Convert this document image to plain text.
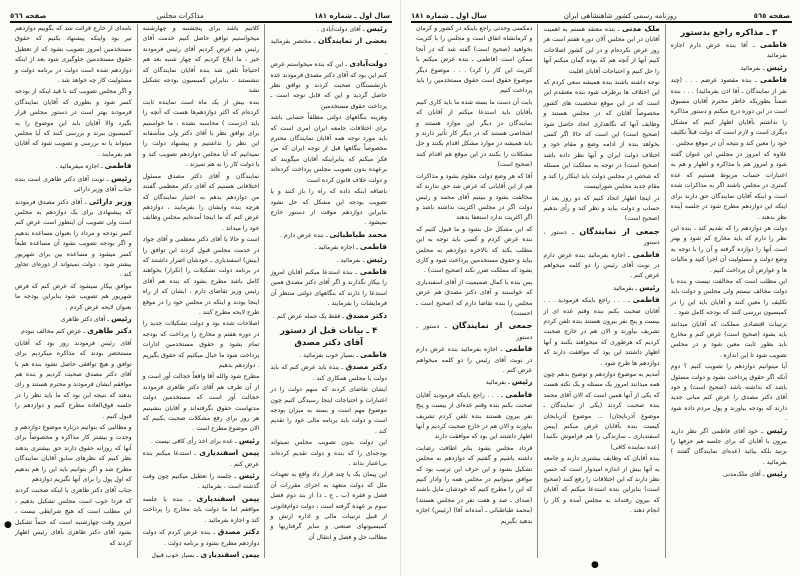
صفحه ٥٦٦	مذاکرات مجلس	سال اول ـ شماره ۱۸۱

رئیس ـ آقای دولت‌آبادی .

بعضی از نمایندگان ـ مختصر بفرمائید .

دولت‌آبادی ـ این که بنده میخواستم عرض کنم این بود که آقای دکتر مصدق فرمودند عده بازنشستگان صحبت کردند و توافق نظر حاصل گردید و این که قابل توجه است ـ پرداخت حقوق مستخدمین

وهزینه بنگاههای دولتی مطلقاً حسابی باشد برای اختلافات جامعه ایران امری است که باید مورد توجه همه آقایان نمایندگان محترم مخصوصاً بنگاهها قبل از توجه ایران که من فکر میکنم که بنابراینکه آقایان میگویند که برعهده بدون تصویب مجلس پرداخت کرده‌اند و دولت خلاف قانون کرده است

باضافه اینکه داده که راه را باز کنند و یا تصویب بودجه این مشکل که حل نشود بنابراین دوازدهم موقت از دستور خارج نمیشود .

محمد طباطبائی ـ بنده عرض دارم .

فاطمی ـ اجازه بفرمائید .

رئیس ـ بفرمائید .

فاطمی ـ بنده استدعا میکنم آقایان امروز را بیکار نگذارند و اگر آقای دکتر مصدق همین استدعا را دارند که بنگاههای دولتی منتظر آن فرمایشات را بفرمایند .

دکتر مصدق ـ فقط یک جمله عرض کنم .

۴ ـ بیانات قبل از دستور آقای دکتر مصدق

فاطمی ـ بسیار خوب بفرمائید .

دکتر مصدق ـ بنده باید عرض کنم که باید دولت با مجلس همکاری کند .

ایشان تقاضای کردند که سهم دولت را در اعتبارات و احتیاجات اینجا رسیدگی کنیم چون موضوع مهم است و بسته به میزان بودجه است و دولت باید برنامه مالی خود را تقدیم کند .

این دولت بدون تصویب مجلس نمیتواند بودجه‌ای را که بنده و دولت تقدیم کرده‌اند بی‌اعتبار بداند .

این پیمان یک یا چند قرار داد واقع به تعهدات ملل که دولت متعهد به اجرای مقررات آن فصل و فقره (ب ـ ج ـ د) از بند دوم فصل سوم بر عهده گرفته است ، دولت دوام‌قانونی از قبیل ترتیبات مالی و اداره ارتش و کمیسیونهای صنعتی و سایر گرفتاریها و مطالب حل و فصل و انتقال آن

کلاتیم باشد برای پنجشنبه و چهارشنبه میخواستیم توافق حاصل کنیم خدمت آقای رئیس هم عرض کردیم آقای رئیس فرمودند خیر ، ما ابلاغ کردیم که چهار شنبه بعد هم احتیاجاً تلفن شد بنده آقایان نمایندگان که ننشستند ، بنابراین کمیسیون بودجه تشکیل نشد

بنده بیش از یک ماه است نماینده ثابت کرده‌ام که اکثر دوازدهم‌ها هست که آنچه را باید (درست ) محاسبه نشده ، ما خواستیم برای توافق نظر با آقای دکتر ولی متأسفانه این نظر را نداشتیم و پیشنهاد دولت را نمیدانیم که آیا مجلس دوازدهم تصویب کند و یا دولت کار را به هم نمیزند .

نمایندگان و آقای دکتر مصدق مسئول اختلافاتی هستیم که آقای دکتر معظمی گفتند من دوازدهم بدهم به اختیار نمایندگان که هرچه بنده وایشان را بفرمایند ، دوازدهم عرض کنم که ما اینجا آمده‌ایم مجلس وظایف خود را میداند .

است و حالا با آقای دکتر معظمی و آقای جواد در خدمت مجلس قبول کردند این توافق را (بیش) اسفندیاری ـ خودشان اصرار داشتند که در برنامه دولت تشکیلات را (تکرار) بخواهند کامل باشد مطرح بشود که بنده هم آقای رئیس وزیر تقاضای دارم ، ایشان که از راه اینجا بودند و اینکه در مجلس خود را در موقع طرح لایحه مطرح کنند .

اصلاحات شده بود و دولت تشکیلات جدید را در دوره هفتم و مخارج را پرداخت که بودجه تمام بشود و حقوق مستخدمین ادارات پرداخت شود ما خیال میکنیم که حقوق بگیریم . دوازدهم بدهیم

مطرح شود والله آقا واقعاً خجالت آور است و از آن طرف هم آقای دکتر طاهری فرمودند خجالت آور است که مستخدمین دولت مدتهاست حقوق نگرفته‌اند و آقایان بنشینیم هر روز برای رفع مشکلات صحبت بکنیم که الان موضوع مطرح است .

رئیس ـ عده برای اخذ رأی کافی نیست .

پیمن اسفندیاری ـ استدعا میکنم بنده عرض کنم .

رئیس ـ جلسه را تعطیل میکنیم چون وقت گذشته است ، بفرمائید .

پیمن اسفندیاری ـ بنده با جلسه موافقم اما ما دولت باید مخارج را پرداخت کند و اجازه بفرمائید .

دکتر مصدق ـ بنده عرض کردم که دولت دوازدهم مطرح بشود و برنامه دولت .

پیمن اسفندیاری ـ بسیار خوب قبول

نامه‌ای از خارج قرائت شد که بگوییم دوازدهم تیر بود واینکه پیشنهاد بکنیم که حقوق مستخدمین امروز تصویب بشود که از تعطیل حقوق مستخدمین جلوگیری شود بعد از اینکه دوازدهم شده است دولت در برنامه دولت و مسئولیت کار چه خواهد شد .

و اگر مجلس تصویب کند با قید اینکه از بودجه کسر شود و بطوری که آقایان نمایندگان فرمودند بهتر است در دستور مجلس قرار بگیرد والا آقایان باید این موضوع را به کمیسیون ببرند و بررسی کنند که آیا مجلس میتواند یا نه بررسی و تصویب شود که آقایان هم بفرمایند .

فاطمی ـ اجازه میفرمائید .

رئیس ـ نوبت آقای دکتر طاهری است بنده جناب آقای وزیر دارائی

وزیر دارائی ـ آقای دکتر مصدق فرمودند که پیشنهادی برای یک دوازدهم به مجلس است ولی تصویب آن اینطور است عرض کنم کسر بودجه و مرداد را بعنوان مساعده بدهیم و اگر بودجه تصویب نشود آن مساعده طبعاً کسر میشود و مساعده بین برای شهریور بیشتر شود ، دولت نمیتواند از دوره‌ای تجاوز کند .

موافق بیکار نمیشود که عرض کنم که فرض شهریور هم تصویب شود بنابراین بودجه ما بعنوان لایحه عرض کردم .

رئیس ـ آقای دکتر طاهری

دکتر طاهری ـ عرض کنم مخالف نبودم

آقای رئیس فرمودند روز بود که آقایان مستحضر بودند که مذاکره میکردیم برای توافق و هیچ توافقی حاصل نشود بنده هم با آقای دکتر مصدق صحبت کردیم و بنده هم موافقم ایشان فرمودند و محترم هستند و رای بدهند که نتیجه این بود که ما باید نظر را در جلسه فوق‌العاده مطرح کنیم و دوازدهم را قبول کنیم .

و مطالبی که بتوانیم درباره موضوع دوازدهم و وحدت و بیشتر کار مذاکره و مخصوصاً برای آنها که روزانه حقوق دارند حق بیشتری بدهند نظر کنیم که نظرهای سابق آقایان نمایندگان مطرح شد و اگر بتوانیم باید این را هم بدهیم که اول پول را برای آنها بگیریم دوازدهم

جناب آقای دکتر طاهری با اینکه صحبت کردند که فردا خوب است مجلس تشکیل بدهیم ، این مطلب است که هیچ شرایطی نیست ، امروز وقت چهارشنبه است که حتماً تشکیل بشود آقای دکتر طاهری بآقای رئیس اظهار کردند که

●
سال اول ـ شماره ۱۸۱	روزنامه رسمی کشور شاهنشاهی ایران	صفحه ٥٦٥
۳ ـ مذاکره راجع بدستور

فاطمی ـ آقا بنده عرض دارم اجازه بفرمائید

رئیس ـ بفرمائید

فاطمی ـ بنده مقصود عرضم . . . (چند نفر از نمایندگان ـ آقا اذن بفرمائید) . . . بنده ضمناً بطوریکه خاطر محترم آقایان مسبوق است در این دوره درج میکنم و دستور مذاکره را نداشتم بآقایان اظهار کنیم که مشکل دیگری است و لازم است که دولت قبلاً تکلیف خود را معین کند و نتیجه آن در موقع مجلس .

علاوه که امروز در مجلس این عنوان گفته شود و امروز هم با مذاکره و اظهار و هم به اعتبارات حساب مربوط هستیم که عده کمتری در مجلس باشند اگر به مذاکرات شده است و اینکه آقایان نمایندگان حق دارند برای اینکه این دوازدهم مطرح شود در جلسه آینده نظر بدهند .

دولت هر دوازدهم را که تقدیم کند ، بنده این نظر را دارم که باید مخارج کم شود و بهتر است آنها را دوازده گرفته و آن را با توجه به وضع دولت و مسئولیت آن اجرا کنید و مالیات ها و عوارض آن پرداخت کنیم .

این مطلب است که مخالفت نیست و بنده با دولت مخالف نیستم ولی مجلس و دولت باید تکلیف را معین کنند و آقایان باید این را در کمیسیون بررسی کنند که بودجه کامل شود .

ترتیبات اقتصادی مملکت که آقایان میدانند باید بشود (صحیح است) عرض کنم و مخارج باید بطور ثابت معین شود و در مجلس تصویب شود تا این اندازه .

آیا میتوانیم دوازدهم را تصویب کنیم ؟ دوم آنکه اگر حقوق پرداخت نشود و دولت مسئول باشد که نداشته باشد (صحیح است) و خود آقای دکتر مصدق را عرض کنم مبانی جدید دارند که بودجه بیاورند و پول مردم داده شود .

رئیس ـ خود آقای فاطمی اگر نظر دارید بیرون با آقایان که برای جلسه هم حرفها را بزنید بلکه بیائید (عده‌ای نمایندگان گفتند ) بفرمائید .

رئیس ـ آقای ملک‌مدنی

ملک مدنی ـ بنده معتقد هستم به اهمیت آقایان در این مجلس آلان دوره هفتم است هر روز عرض نکرده‌ام و در این کشور اصلاحات کنیم آنها از آنچه هم که بوده گمان میکنم آنها را حل کنیم و احتیاجات آقایان اقلیت

توجه داشته باشند بنده همیشه سعی کردم که این اختلاف ها برطرف شود بنده معتقدم این است که در این موقع شخصیت های کشور مخصوصاً آقایان که در مجلس هستند و وظایف آنها که نگاهداری اتحاد حاصل شود (صحیح است) این است که حالا اگر کسی بخواهد بنده از ادامه وضع و مقام خود و اختلاف دولت ایران و آنها نظر داده باشد (صحیح است) در توجه به مملکت این مسئله که شخص در مجلس دولت باید اینکار را کند و مقام جدید مجلس شوراییست

در اینجا اظهار اتحاد کنیم که دو روز بعد از حساب و دولت بیاید و نظر کند و رأی بدهیم (صحیح است)

جمعی از نمایندگان ـ دستور ، دستور

فاطمی ـ اجازه بفرمائید بنده عرض دارم در نوبت آقای رئیس را دو کلمه میخواهم عرض کنم .

رئیس ـ بفرمائید

فاطمی ـ . . . راجع باینکه فرمودید . . . آقایان صحبت بکنم بنده وقتم عده ای از بیست و پنج نفر بیرون هستند بنده تلفن کردم تشریف بیاورند و الان هم در خارج صحبت کردیم که هرطوری که میخواهند بکنند و آنها اظهار داشتند این بود که موافقت دارند که دوازدهم ها طرح شود .

آمدیم به موضوع دوازدهم و توضیح بدهم چون همه میدانند امروز یک مسئله و یک نکته هست که یکی از آنها همین است که الان آقای محمد بنده صحبت کردند (یکی از نمایندگان ـ موضوع آذربایجان) ... موضوع آذربایجان کیست بنده بآقایان عرض میکنم (پیمن اسفندیاری ـ سازندگی را هم فراموش نکنید) (عده نماینده کافی)

بنده آقایان که وظایف بیشتری دارند و جامعه به آنها بیش از اندازه امیدوار است که حسن نظر دارند که این اختلافات را رفع کنند (صحیح است) بنابراین بنده استدعا میکنم که آقایان که بیرون رفته‌اند به مجلس آمده و کار را انجام دهند .

دمکسی وحدتی راجع باینکه در کشور و کرمان و کرمانشاه اتفاق است و مجلس را با کثریت بخواهید (صحیح است) گفته شد که در آنجا ممکن است (فاطمی ـ بنده عرض میکنم با کثریت این کار را کرد) . . . موضوع دیگر موضوع حقوق است حقوق مستخدمین را باید پرداخت کنیم

بابت آن دست ما بسته شده ما باید کاری کنیم بآقایان باید استدعا میکنم از آقایان که نمایندگان در دیگر این موارد هستند و اشخاصی هستند که در دیگر کار تأثیر دارند و باید همیشه در موارد مشکل اقدام بکنند و حل مشکلات را بکنند در این موقع هم اقدام کنند (صحیح است)

آقا که هر وضع دولت معلوم بشود و مذاکرات هم از این آقایانی که عرض شد حق ندارند که مخالفت بشود و ببینیم آقای محمد و رئیس دولت اگر در مجلس اکثریت نداشته باشد و اگر اکثریت ندارد استعفا بدهند

که این مشکل حل بشود و ما قبول کنیم که بنده عرض کردم و کسی باید توجه به این مطلب بکند که بالاخره دوازدهم به مجلس بیاید و حقوق مستخدمین پرداخت شود و کاری بشود که مملکت ضرر نکند (صحیح است) .

پس بنده با کمال صمیمیت از آقای اسفندیاری که خواستند و آقای دکتر مصدق هم عرض مجلس را بنده تقاضا دارم که (صحیح است ـ احسنت)

جمعی از نمایندگان ـ دستور ، دستور

فاطمی ـ اجازه بفرمائید بنده عرض دارم در نوبت آقای رئیس را دو کلمه میخواهم عرض کنم .

رئیس ـ بفرمائید

فاطمی ـ . . . راجع باینکه فرمودید آقایان صحبت بکنم بنده وقتم عده‌ای از بیست و پنج نفر بیرون هستند بنده تلفن کردم تشریف بیاورند و الان هم در خارج صحبت کردیم و آنها اظهار داشتند این بود که موافقت دارند

قرداد مجلس بشود بنابر اطاقت رضایت داشته باشیم و گفتیم که دوازدهم به مجلس تشکیل بشود و این حرف این ترتیب بود که موافق میتوانیم در مجلس همه را وادار کنیم که این را مطرح کنیم که خودشان مایل باشند (صدای ـ صد و هفت نفر در مجلس هستند) (محمد طباطبائی ـ آمده‌اند آقا) (رئیس) اجازه بدهید بگیریم

●
